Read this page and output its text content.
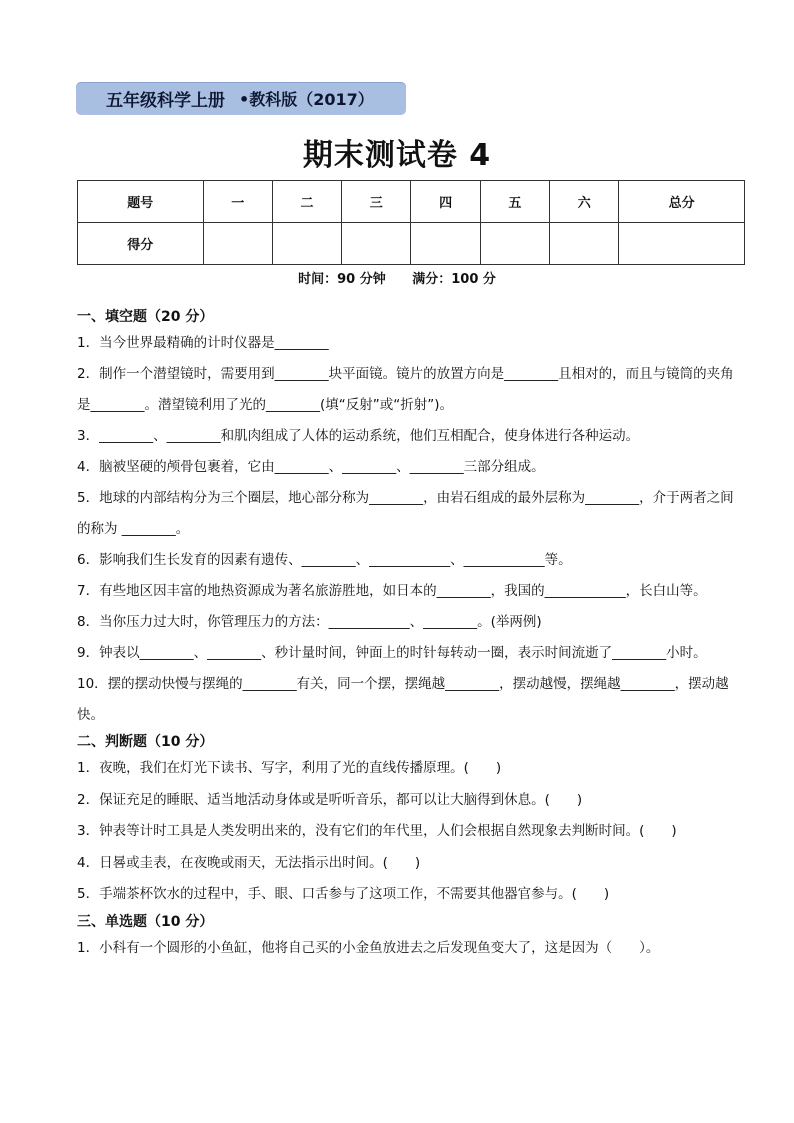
五年级科学上册 •教科版（2017）
期末测试卷 4
题号	一	二	三	四	五	六	总分
得分							
时间：90 分钟 满分：100 分
一、填空题（20 分）
1．当今世界最精确的计时仪器是________
2．制作一个潜望镜时，需要用到________块平面镜。镜片的放置方向是________且相对的，而且与镜筒的夹角是________。潜望镜利用了光的________(填“反射”或“折射”)。
3．________、________和肌肉组成了人体的运动系统，他们互相配合，使身体进行各种运动。
4．脑被坚硬的颅骨包裹着，它由________、________、________三部分组成。
5．地球的内部结构分为三个圈层，地心部分称为________，由岩石组成的最外层称为________，介于两者之间的称为 ________。
6．影响我们生长发育的因素有遗传、________、____________、____________等。
7．有些地区因丰富的地热资源成为著名旅游胜地，如日本的________，我国的____________，长白山等。
8．当你压力过大时，你管理压力的方法：____________、________。(举两例)
9．钟表以________、________、秒计量时间，钟面上的时针每转动一圈，表示时间流逝了________小时。
10．摆的摆动快慢与摆绳的________有关，同一个摆，摆绳越________，摆动越慢，摆绳越________，摆动越快。
二、判断题（10 分）
1．夜晚，我们在灯光下读书、写字，利用了光的直线传播原理。(　　)
2．保证充足的睡眠、适当地活动身体或是听听音乐，都可以让大脑得到休息。(　　)
3．钟表等计时工具是人类发明出来的，没有它们的年代里，人们会根据自然现象去判断时间。(　　)
4．日晷或圭表，在夜晚或雨天，无法指示出时间。(　　)
5．手端茶杯饮水的过程中，手、眼、口舌参与了这项工作，不需要其他器官参与。(　　)
三、单选题（10 分）
1．小科有一个圆形的小鱼缸，他将自己买的小金鱼放进去之后发现鱼变大了，这是因为（　　）。
